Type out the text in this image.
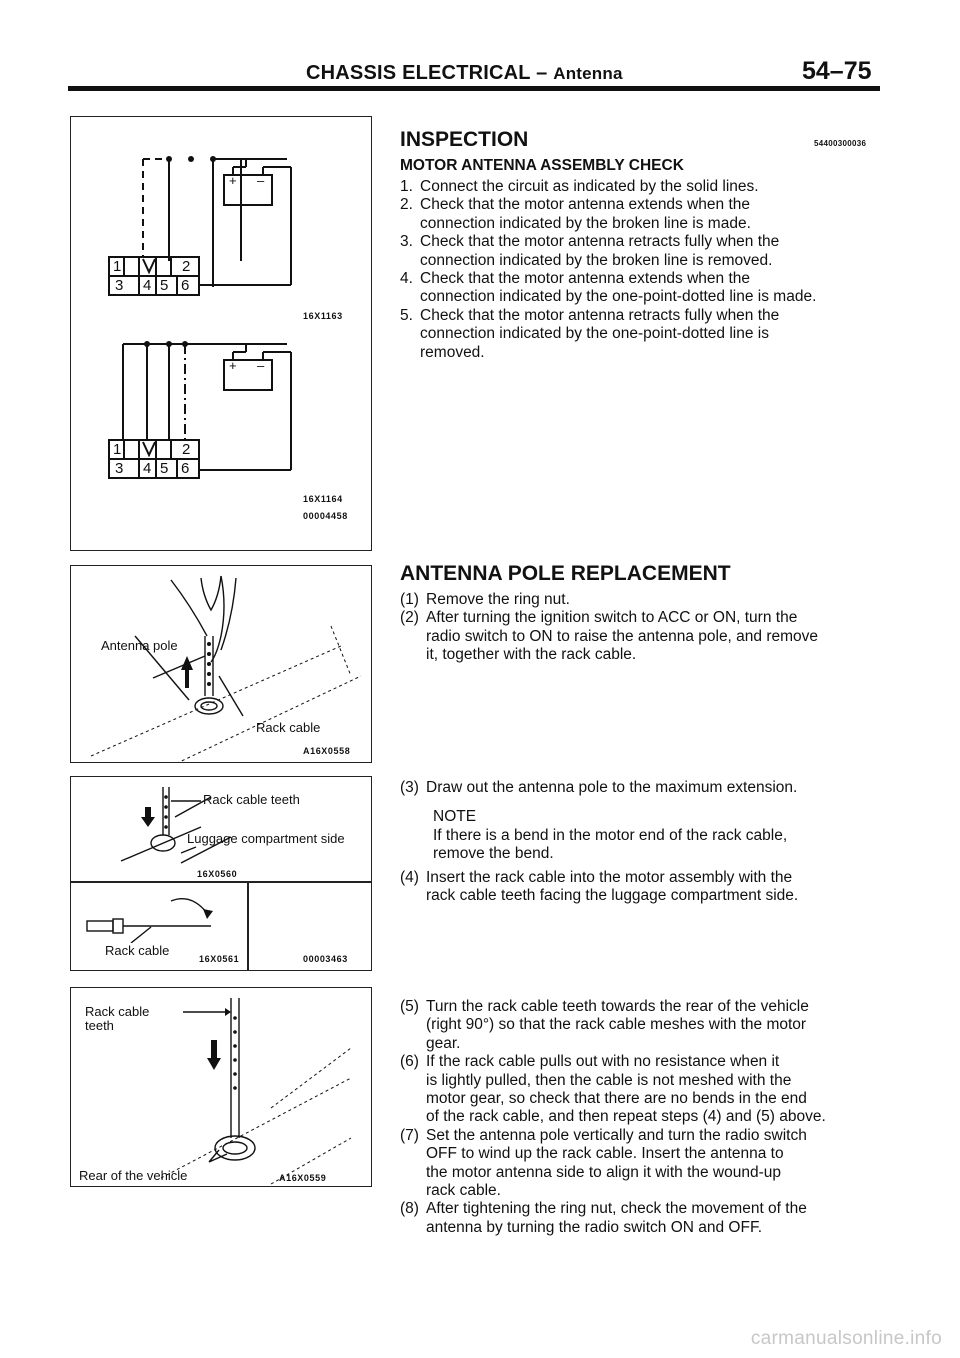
CHASSIS ELECTRICAL – Antenna	54–75
+ –
1	2
3 4 5 6
16X1163
+ –
1	2
3 4 5 6
16X1164
00004458
Antenna pole
Rack cable
A16X0558
Rack cable teeth
Luggage compartment side
16X0560
Rack cable
16X0561	00003463
Rack cable
teeth
Rear of the vehicle	A16X0559
INSPECTION	54400300036
MOTOR ANTENNA ASSEMBLY CHECK
1. Connect the circuit as indicated by the solid lines.
2. Check that the motor antenna extends when the
connection indicated by the broken line is made.
3. Check that the motor antenna retracts fully when the
connection indicated by the broken line is removed.
4. Check that the motor antenna extends when the
connection indicated by the one-point-dotted line is made.
5. Check that the motor antenna retracts fully when the
connection indicated by the one-point-dotted line is
removed.
ANTENNA POLE REPLACEMENT
(1) Remove the ring nut.
(2) After turning the ignition switch to ACC or ON, turn the
radio switch to ON to raise the antenna pole, and remove
it, together with the rack cable.
(3) Draw out the antenna pole to the maximum extension.
NOTE
If there is a bend in the motor end of the rack cable,
remove the bend.
(4) Insert the rack cable into the motor assembly with the
rack cable teeth facing the luggage compartment side.
(5) Turn the rack cable teeth towards the rear of the vehicle
(right 90°) so that the rack cable meshes with the motor
gear.
(6) If the rack cable pulls out with no resistance when it
is lightly pulled, then the cable is not meshed with the
motor gear, so check that there are no bends in the end
of the rack cable, and then repeat steps (4) and (5) above.
(7) Set the antenna pole vertically and turn the radio switch
OFF to wind up the rack cable. Insert the antenna to
the motor antenna side to align it with the wound-up
rack cable.
(8) After tightening the ring nut, check the movement of the
antenna by turning the radio switch ON and OFF.
carmanualsonline.info
